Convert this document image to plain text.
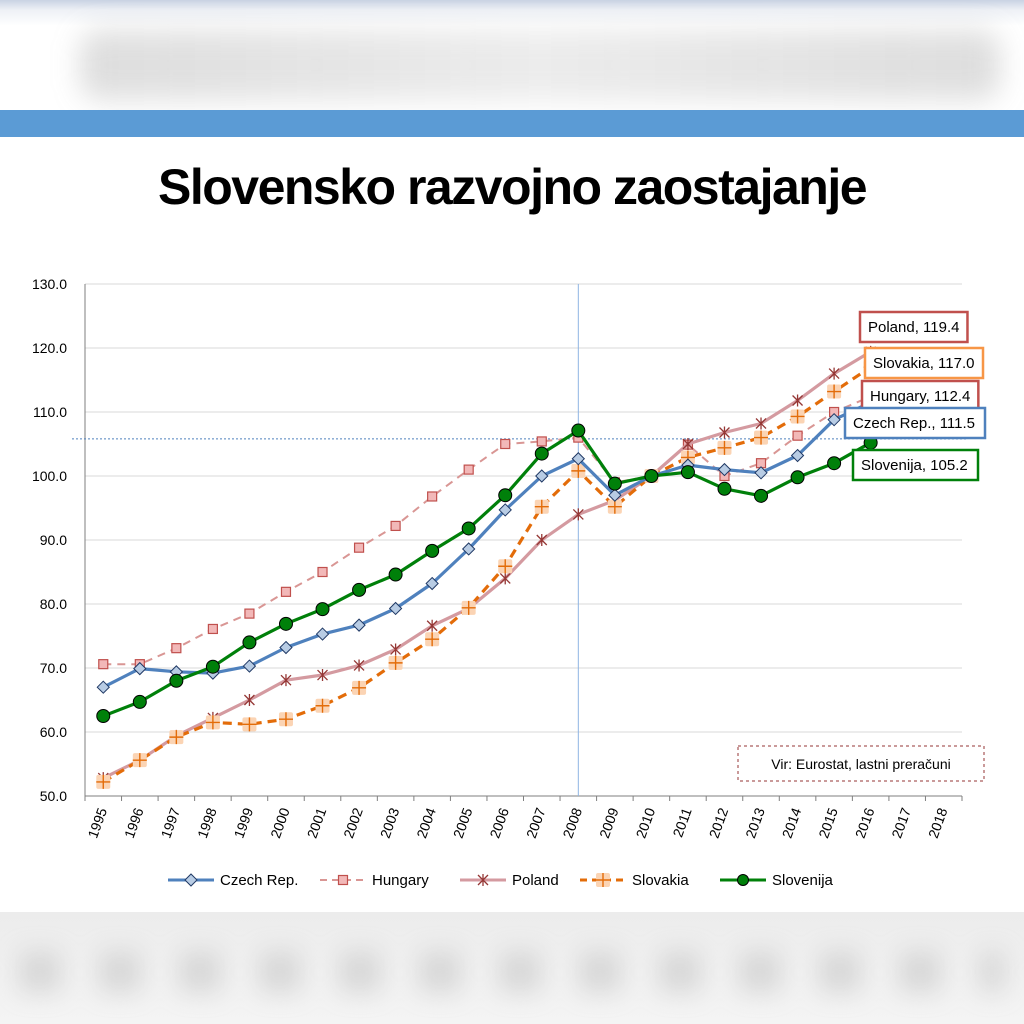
Slovensko razvojno zaostajanje
50.0
60.0
70.0
80.0
90.0
100.0
110.0
120.0
130.0
1995 1996 1997 1998 1999 2000 2001 2002 2003 2004 2005 2006 2007 2008 2009 2010 2011 2012 2013 2014 2015 2016 2017 2018
Poland, 119.4
Slovakia, 117.0
Hungary, 112.4
Czech Rep., 111.5
Slovenija, 105.2
Vir: Eurostat, lastni preračuni
Czech Rep.	Hungary	Poland	Slovakia	Slovenija
